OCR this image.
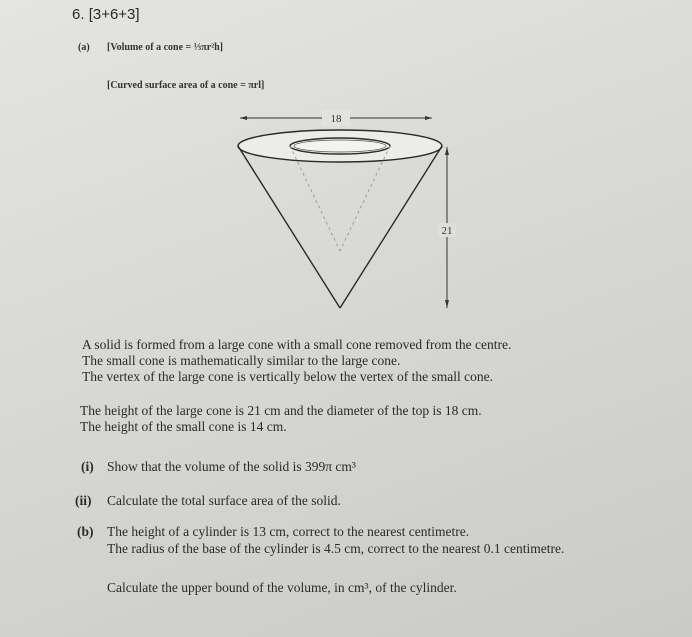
6. [3+6+3]
(a) [Volume of a cone = ⅓πr²h]
[Curved surface area of a cone = πrl]
18
21
A solid is formed from a large cone with a small cone removed from the centre.
The small cone is mathematically similar to the large cone.
The vertex of the large cone is vertically below the vertex of the small cone.
The height of the large cone is 21 cm and the diameter of the top is 18 cm.
The height of the small cone is 14 cm.
(i) Show that the volume of the solid is 399π cm³
(ii) Calculate the total surface area of the solid.
(b) The height of a cylinder is 13 cm, correct to the nearest centimetre.
The radius of the base of the cylinder is 4.5 cm, correct to the nearest 0.1 centimetre.
Calculate the upper bound of the volume, in cm³, of the cylinder.
